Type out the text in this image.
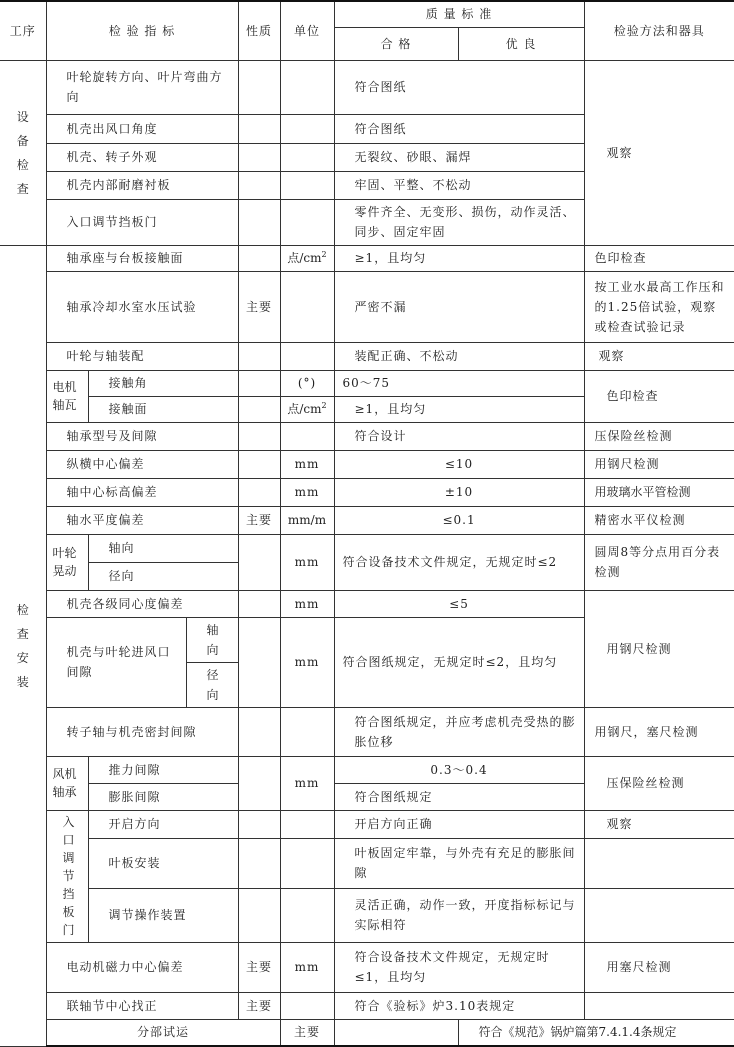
工序	检 验 指 标			性质	单位	质 量 标 准		检验方法和器具	
						合 格	优 良		
设备检查	叶轮旋转方向、叶片弯曲方向					符合图纸		观察	
	机壳出风口角度					符合图纸			
	机壳、转子外观					无裂纹、砂眼、漏焊			
	机壳内部耐磨衬板					牢固、平整、不松动			
	入口调节挡板门					零件齐全、无变形、损伤，动作灵活、同步、固定牢固			
检查安装	轴承座与台板接触面				点$/cm^2$	≥1，且均匀		色印检查	
	轴承冷却水室水压试验			主要		严密不漏		按工业水最高工作压和的1.25倍试验，观察或检查试验记录	
	叶轮与轴装配					装配正确、不松动		观察	
	电机轴瓦	接触角			(°)	60～75		色印检查	
		接触面			点$/cm^2$	≥1，且均匀			
	轴承型号及间隙					符合设计		压保险丝检测	
	纵横中心偏差				mm	≤10		用钢尺检测	
	轴中心标高偏差				mm	±10		用玻璃水平管检测	
	轴水平度偏差			主要	mm/m	≤0.1		精密水平仪检测	
	叶轮晃动	轴向			mm	符合设备技术文件规定，无规定时≤2		圆周8等分点用百分表检测	
		径向							
	机壳各级同心度偏差				mm	≤5		用钢尺检测	
	机壳与叶轮进风口间隙		轴向		mm	符合图纸规定，无规定时≤2，且均匀			
			径向						
	转子轴与机壳密封间隙					符合图纸规定，并应考虑机壳受热的膨胀位移		用钢尺，塞尺检测	
	风机轴承	推力间隙			mm	0.3～0.4		压保险丝检测	
		膨胀间隙				符合图纸规定			
	入口调节挡板门	开启方向				开启方向正确		观察	
		叶板安装				叶板固定牢靠，与外壳有充足的膨胀间隙			
		调节操作装置				灵活正确，动作一致，开度指标标记与实际相符			
	电动机磁力中心偏差			主要	mm	符合设备技术文件规定，无规定时≤1，且均匀		用塞尺检测	
	联轴节中心找正			主要		符合《验标》炉3.10表规定			
	分部试运				主要		符合《规范》锅炉篇第7.4.1.4条规定		
